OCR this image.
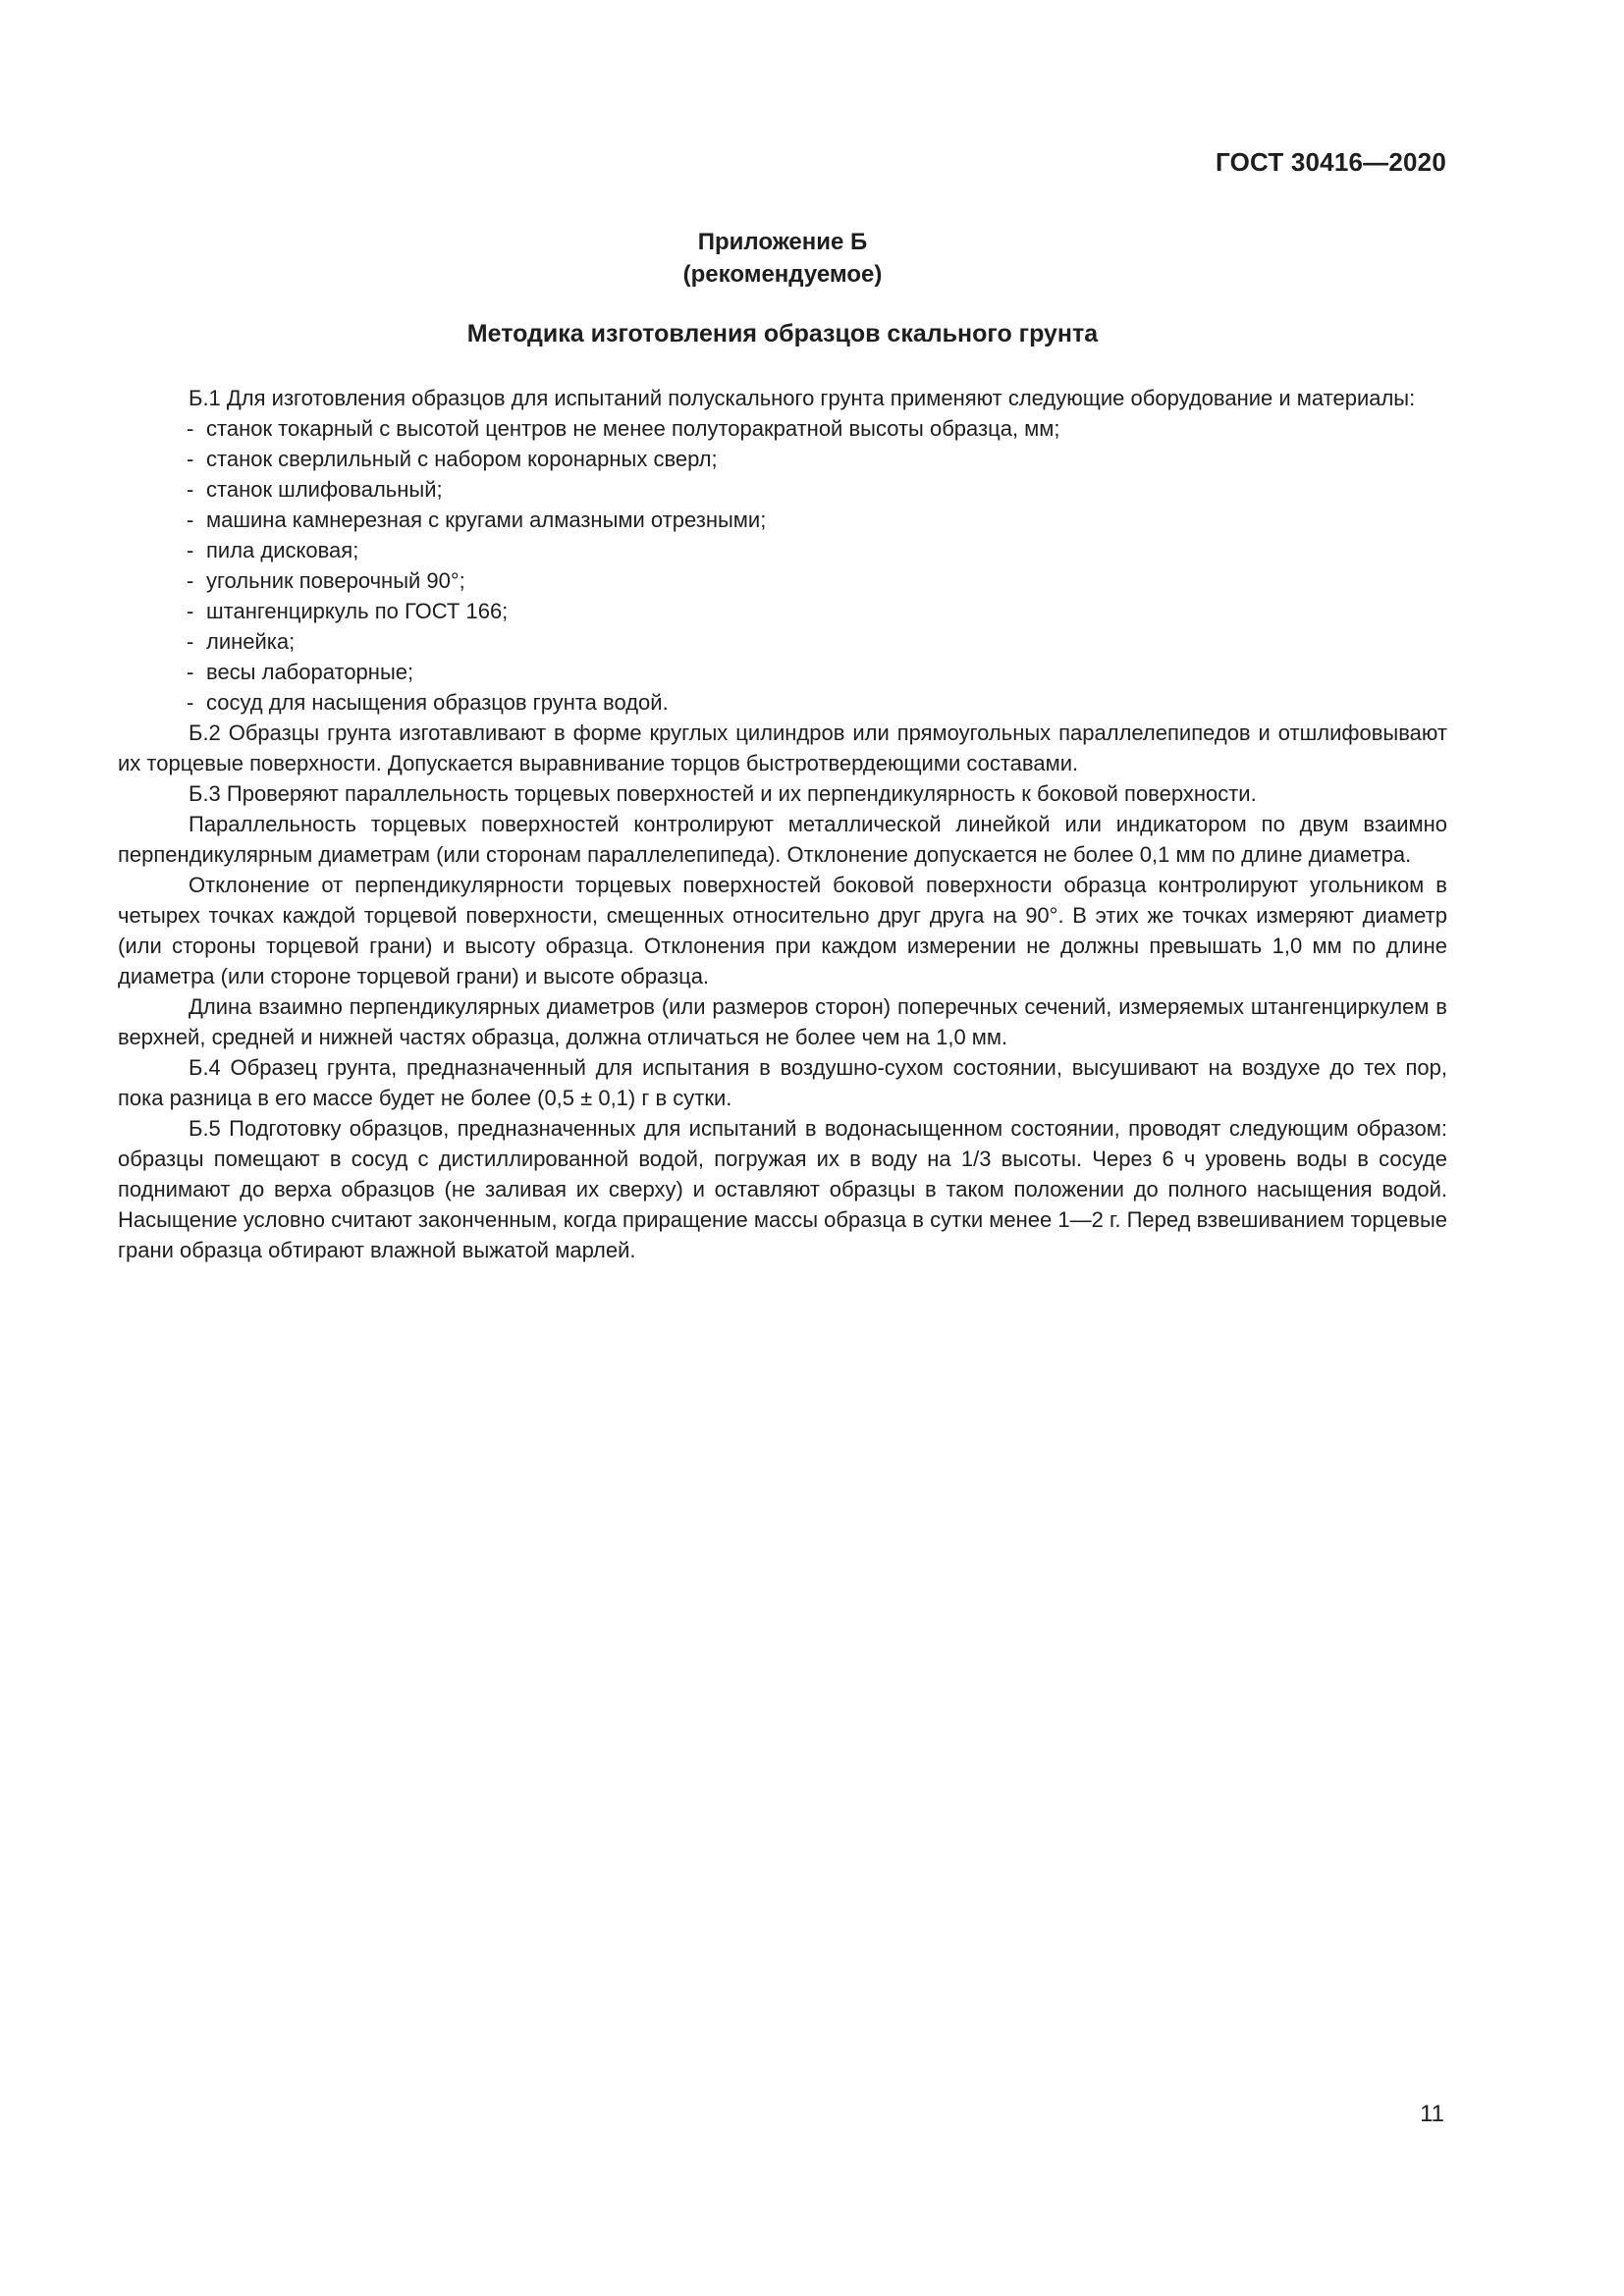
ГОСТ 30416—2020

Приложение Б

(рекомендуемое)

Методика изготовления образцов скального грунта

Б.1 Для изготовления образцов для испытаний полускального грунта применяют следующие оборудование и материалы:

- станок токарный с высотой центров не менее полуторакратной высоты образца, мм;
- станок сверлильный с набором коронарных сверл;
- станок шлифовальный;
- машина камнерезная с кругами алмазными отрезными;
- пила дисковая;
- угольник поверочный 90°;
- штангенциркуль по ГОСТ 166;
- линейка;
- весы лабораторные;
- сосуд для насыщения образцов грунта водой.

Б.2 Образцы грунта изготавливают в форме круглых цилиндров или прямоугольных параллелепипедов и отшлифовывают их торцевые поверхности. Допускается выравнивание торцов быстротвердеющими составами.

Б.3 Проверяют параллельность торцевых поверхностей и их перпендикулярность к боковой поверхности.

Параллельность торцевых поверхностей контролируют металлической линейкой или индикатором по двум взаимно перпендикулярным диаметрам (или сторонам параллелепипеда). Отклонение допускается не более 0,1 мм по длине диаметра.

Отклонение от перпендикулярности торцевых поверхностей боковой поверхности образца контролируют угольником в четырех точках каждой торцевой поверхности, смещенных относительно друг друга на 90°. В этих же точках измеряют диаметр (или стороны торцевой грани) и высоту образца. Отклонения при каждом измерении не должны превышать 1,0 мм по длине диаметра (или стороне торцевой грани) и высоте образца.

Длина взаимно перпендикулярных диаметров (или размеров сторон) поперечных сечений, измеряемых штангенциркулем в верхней, средней и нижней частях образца, должна отличаться не более чем на 1,0 мм.

Б.4 Образец грунта, предназначенный для испытания в воздушно-сухом состоянии, высушивают на воздухе до тех пор, пока разница в его массе будет не более (0,5 ± 0,1) г в сутки.

Б.5 Подготовку образцов, предназначенных для испытаний в водонасыщенном состоянии, проводят следующим образом: образцы помещают в сосуд с дистиллированной водой, погружая их в воду на 1/3 высоты. Через 6 ч уровень воды в сосуде поднимают до верха образцов (не заливая их сверху) и оставляют образцы в таком положении до полного насыщения водой. Насыщение условно считают законченным, когда приращение массы образца в сутки менее 1—2 г. Перед взвешиванием торцевые грани образца обтирают влажной выжатой марлей.

11
